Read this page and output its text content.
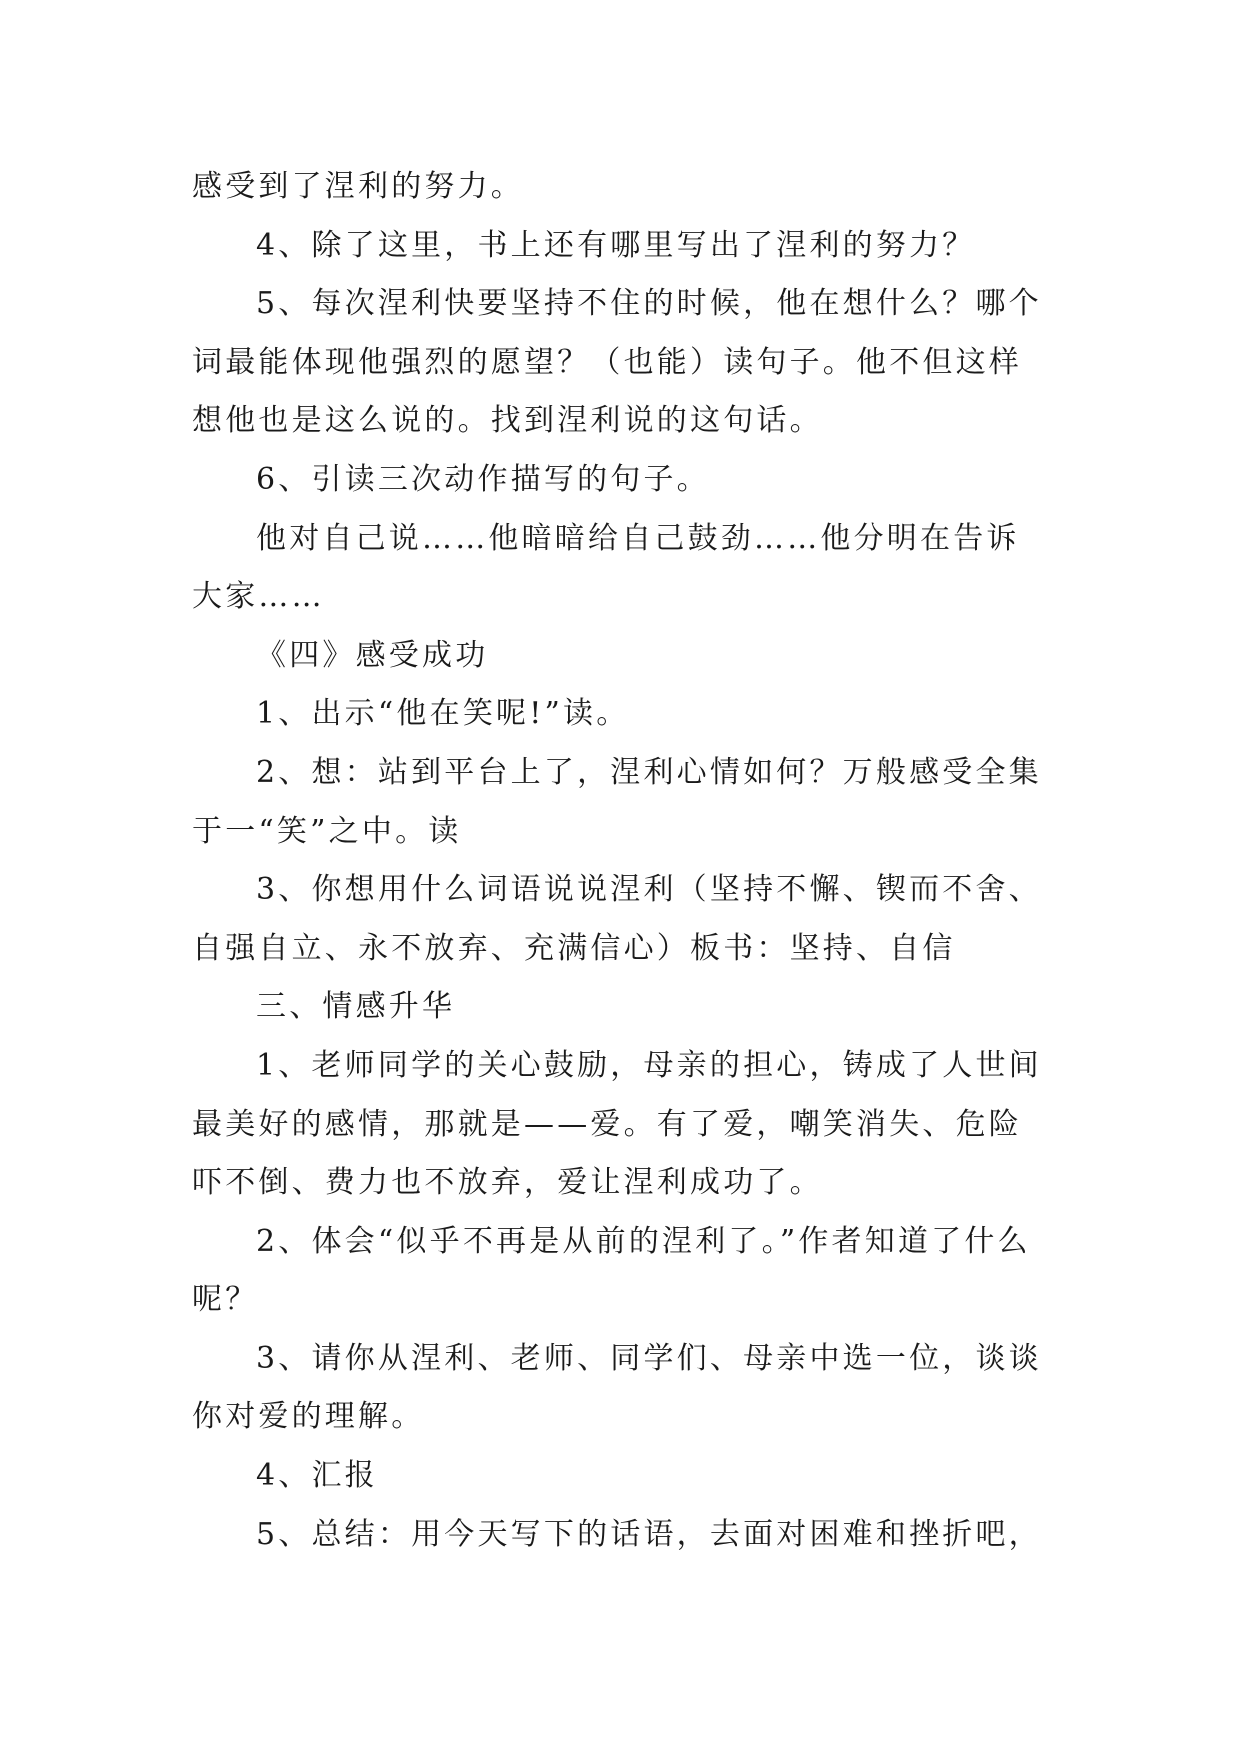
感受到了涅利的努力。

4、除了这里，书上还有哪里写出了涅利的努力？

5、每次涅利快要坚持不住的时候，他在想什么？哪个词最能体现他强烈的愿望？（也能）读句子。他不但这样想他也是这么说的。找到涅利说的这句话。

6、引读三次动作描写的句子。

他对自己说……他暗暗给自己鼓劲……他分明在告诉大家……

《四》感受成功

1、出示“他在笑呢!”读。

2、想：站到平台上了，涅利心情如何？万般感受全集于一“笑”之中。读

3、你想用什么词语说说涅利（坚持不懈、锲而不舍、自强自立、永不放弃、充满信心）板书：坚持、自信

三、情感升华

1、老师同学的关心鼓励，母亲的担心，铸成了人世间最美好的感情，那就是——爱。有了爱，嘲笑消失、危险吓不倒、费力也不放弃，爱让涅利成功了。

2、体会“似乎不再是从前的涅利了。”作者知道了什么呢？

3、请你从涅利、老师、同学们、母亲中选一位，谈谈你对爱的理解。

4、汇报

5、总结：用今天写下的话语，去面对困难和挫折吧，
